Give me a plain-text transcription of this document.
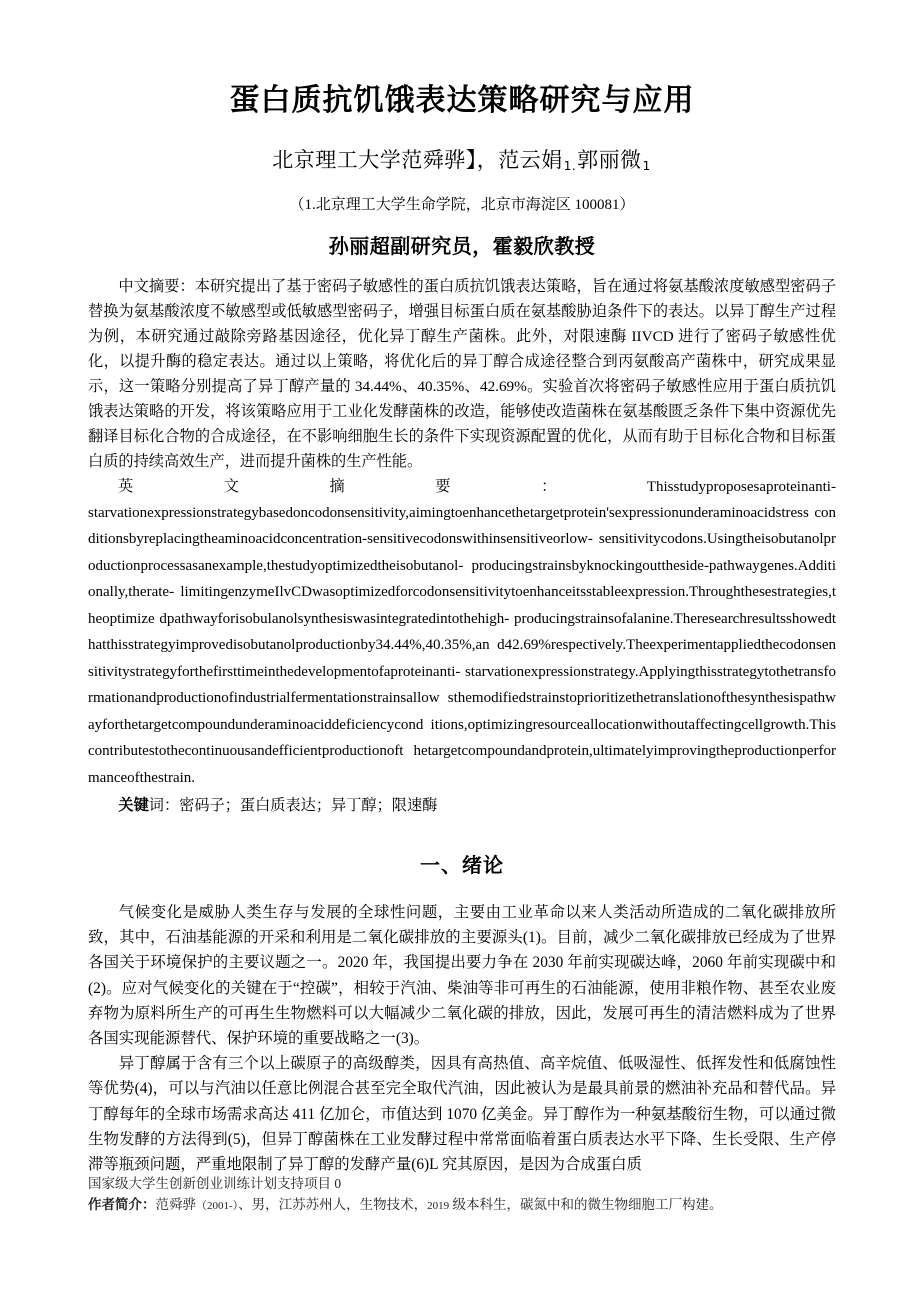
蛋白质抗饥饿表达策略研究与应用

北京理工大学范舜骅】，范云娟1.郭丽微1

（1.北京理工大学生命学院，北京市海淀区 100081）

孙丽超副研究员，霍毅欣教授

中文摘要：本研究提出了基于密码子敏感性的蛋白质抗饥饿表达策略，旨在通过将氨基酸浓度敏感型密码子替换为氨基酸浓度不敏感型或低敏感型密码子，增强目标蛋白质在氨基酸胁迫条件下的表达。以异丁醇生产过程为例，本研究通过敲除旁路基因途径，优化异丁醇生产菌株。此外，对限速酶 IIVCD 进行了密码子敏感性优化，以提升酶的稳定表达。通过以上策略，将优化后的异丁醇合成途径整合到丙氨酸高产菌株中，研究成果显示，这一策略分别提高了异丁醇产量的 34.44%、40.35%、42.69%。实验首次将密码子敏感性应用于蛋白质抗饥饿表达策略的开发，将该策略应用于工业化发酵菌株的改造，能够使改造菌株在氨基酸匮乏条件下集中资源优先翻译目标化合物的合成途径，在不影响细胞生长的条件下实现资源配置的优化，从而有助于目标化合物和目标蛋白质的持续高效生产，进而提升菌株的生产性能。

英	文	摘	要	：	Thisstudyproposesaproteinanti-

starvationexpressionstrategybasedoncodonsensitivity,aimingtoenhancethetargetprotein'sexpressionunderaminoacidstress conditionsbyreplacingtheaminoacidconcentration-sensitivecodonswithinsensitiveorlow- sensitivitycodons.Usingtheisobutanolproductionprocessasanexample,thestudyoptimizedtheisobutanol- producingstrainsbyknockingouttheside-pathwaygenes.Additionally,therate- limitingenzymeIlvCDwasoptimizedforcodonsensitivitytoenhanceitsstableexpression.Throughthesestrategies,theoptimize dpathwayforisobulanolsynthesiswasintegratedintothehigh- producingstrainsofalanine.Theresearchresultsshowedthatthisstrategyimprovedisobutanolproductionby34.44%,40.35%,an d42.69%respectively.Theexperimentappliedthecodonsensitivitystrategyforthefirsttimeinthedevelopmentofaproteinanti- starvationexpressionstrategy.Applyingthisstrategytothetransformationandproductionofindustrialfermentationstrainsallow sthemodifiedstrainstoprioritizethetranslationofthesynthesispathwayforthetargetcompoundunderaminoaciddeficiencycond itions,optimizingresourceallocationwithoutaffectingcellgrowth.Thiscontributestothecontinuousandefficientproductionoft hetargetcompoundandprotein,ultimatelyimprovingtheproductionperformanceofthestrain.

关键词：密码子；蛋白质表达；异丁醇；限速酶

一、绪论

气候变化是威胁人类生存与发展的全球性问题，主要由工业革命以来人类活动所造成的二氧化碳排放所致，其中，石油基能源的开采和利用是二氧化碳排放的主要源头(1)。目前，减少二氧化碳排放已经成为了世界各国关于环境保护的主要议题之一。2020 年，我国提出要力争在 2030 年前实现碳达峰，2060 年前实现碳中和(2)。应对气候变化的关键在于“控碳”，相较于汽油、柴油等非可再生的石油能源，使用非粮作物、甚至农业废弃物为原料所生产的可再生生物燃料可以大幅减少二氧化碳的排放，因此，发展可再生的清洁燃料成为了世界各国实现能源替代、保护环境的重要战略之一(3)。

异丁醇属于含有三个以上碳原子的高级醇类，因具有高热值、高辛烷值、低吸湿性、低挥发性和低腐蚀性等优势(4)，可以与汽油以任意比例混合甚至完全取代汽油，因此被认为是最具前景的燃油补充品和替代品。异丁醇每年的全球市场需求高达 411 亿加仑，市值达到 1070 亿美金。异丁醇作为一种氨基酸衍生物，可以通过微生物发酵的方法得到(5)，但异丁醇菌株在工业发酵过程中常常面临着蛋白质表达水平下降、生长受限、生产停滞等瓶颈问题，严重地限制了异丁醇的发酵产量(6)L 究其原因，是因为合成蛋白质

国家级大学生创新创业训练计划支持项目 0

作者简介：范舜骅（2001-）、男，江苏苏州人，生物技术，2019 级本科生，碳氮中和的微生物细胞工厂构建。
